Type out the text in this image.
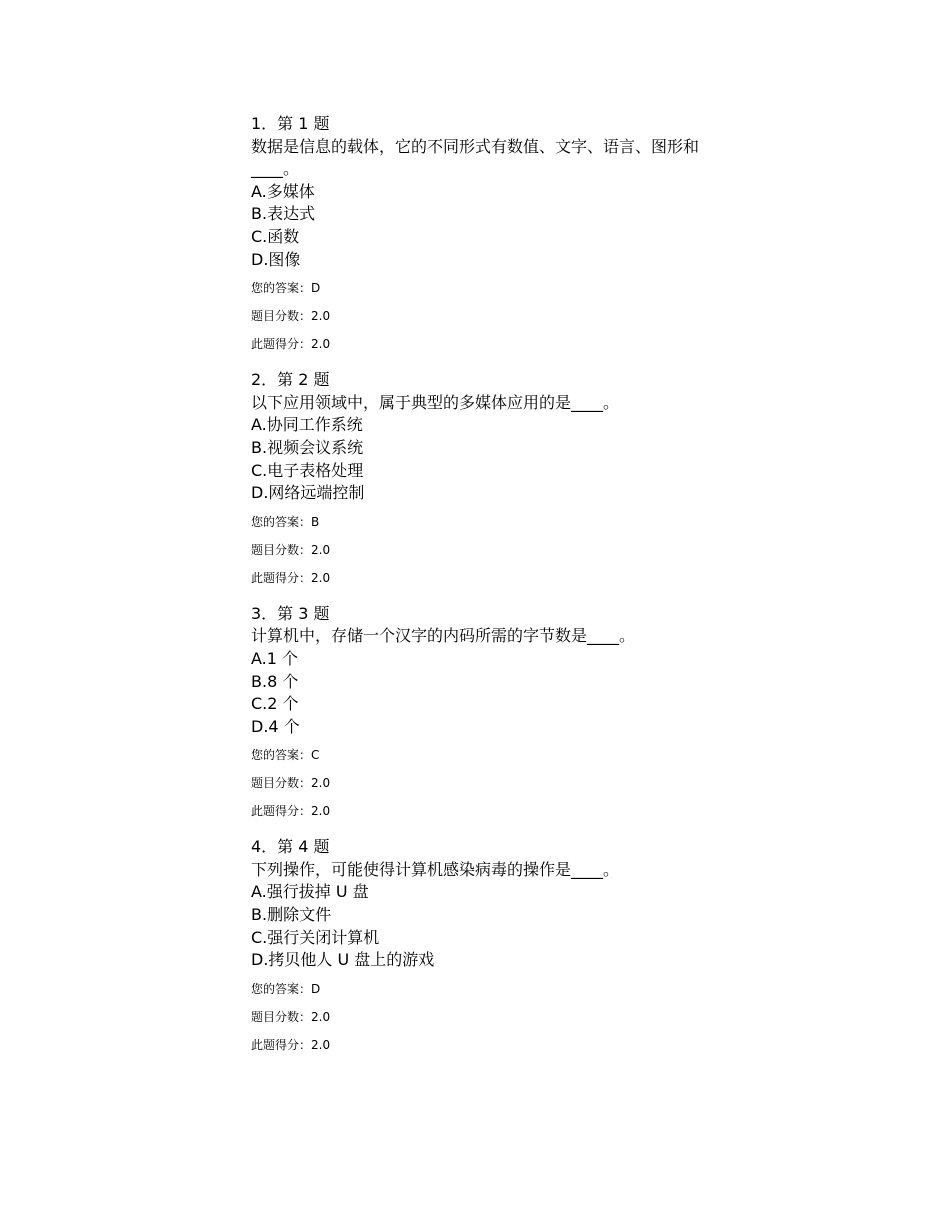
1．第 1 题

数据是信息的载体，它的不同形式有数值、文字、语言、图形和____。

A.多媒体

B.表达式

C.函数

D.图像

您的答案：D

题目分数：2.0

此题得分：2.0

2．第 2 题

以下应用领域中，属于典型的多媒体应用的是____。

A.协同工作系统

B.视频会议系统

C.电子表格处理

D.网络远端控制

您的答案：B

题目分数：2.0

此题得分：2.0

3．第 3 题

计算机中，存储一个汉字的内码所需的字节数是____。

A.1 个

B.8 个

C.2 个

D.4 个

您的答案：C

题目分数：2.0

此题得分：2.0

4．第 4 题

下列操作，可能使得计算机感染病毒的操作是____。

A.强行拔掉 U 盘

B.删除文件

C.强行关闭计算机

D.拷贝他人 U 盘上的游戏

您的答案：D

题目分数：2.0

此题得分：2.0
